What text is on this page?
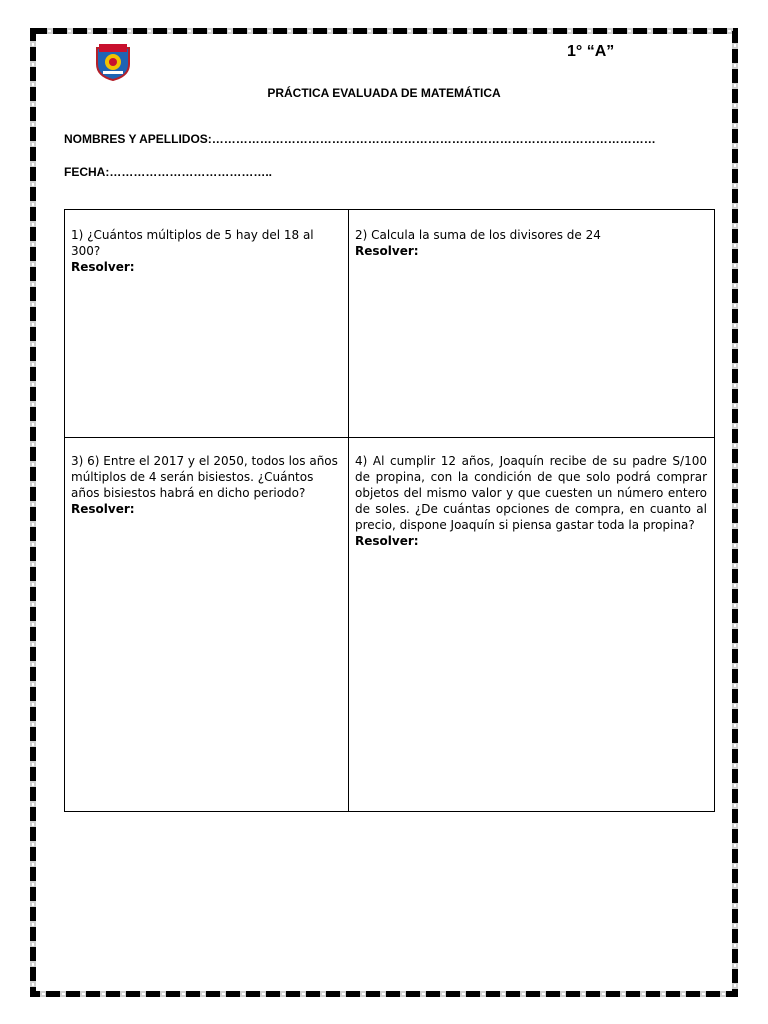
1° “A”
PRÁCTICA EVALUADA DE MATEMÁTICA
NOMBRES Y APELLIDOS:…………………………………………………………………………………………………
FECHA:…………………………………..
1) ¿Cuántos múltiplos de 5 hay del 18 al 300?
Resolver:
2) Calcula la suma de los divisores de 24
Resolver:
3) 6) Entre el 2017 y el 2050, todos los años múltiplos de 4 serán bisiestos. ¿Cuántos años bisiestos habrá en dicho periodo?
Resolver:
4) Al cumplir 12 años, Joaquín recibe de su padre S/100 de propina, con la condición de que solo podrá comprar objetos del mismo valor y que cuesten un número entero de soles. ¿De cuántas opciones de compra, en cuanto al precio, dispone Joaquín si piensa gastar toda la propina?
Resolver:
